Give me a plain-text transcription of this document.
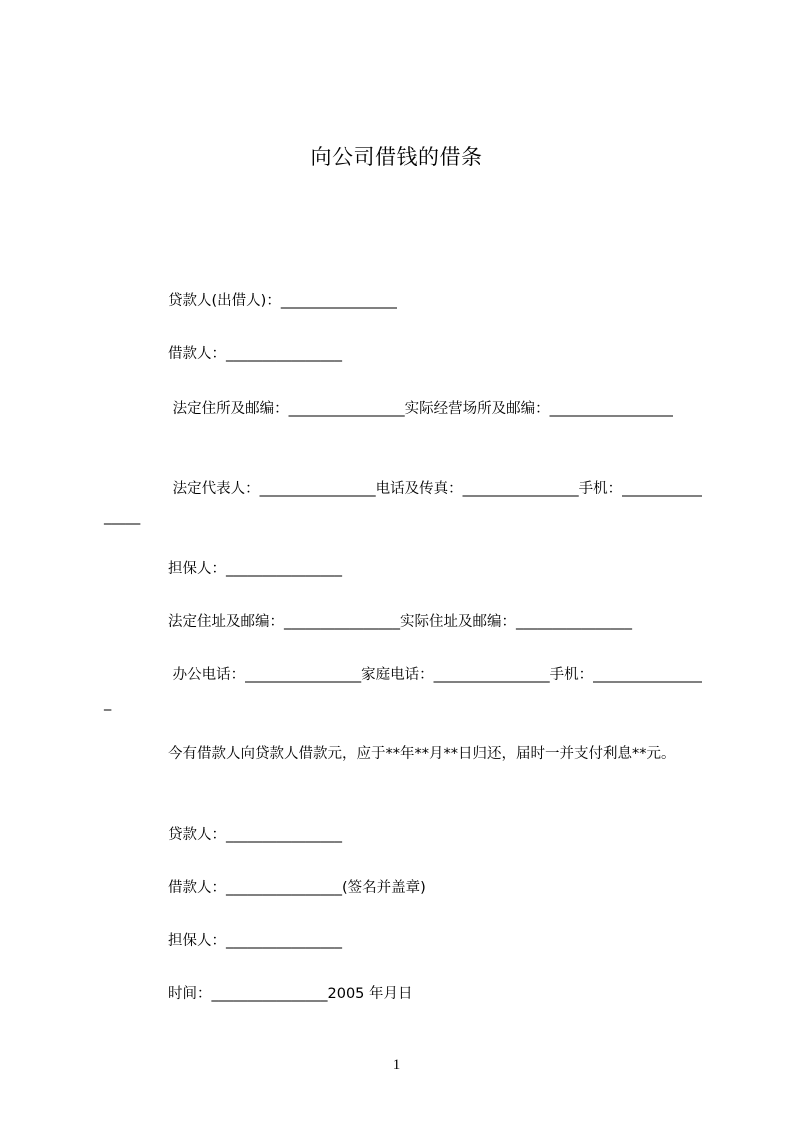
向公司借钱的借条
贷款人(出借人)：________________
借款人：________________
法定住所及邮编：________________实际经营场所及邮编：_________________
法定代表人：________________电话及传真：________________手机：________________
担保人：________________
法定住址及邮编：________________实际住址及邮编：________________
办公电话：________________家庭电话：________________手机：________________
今有借款人向贷款人借款元，应于**年**月**日归还，届时一并支付利息**元。
贷款人：________________
借款人：________________(签名并盖章)
担保人：________________
时间：________________2005 年月日
1
